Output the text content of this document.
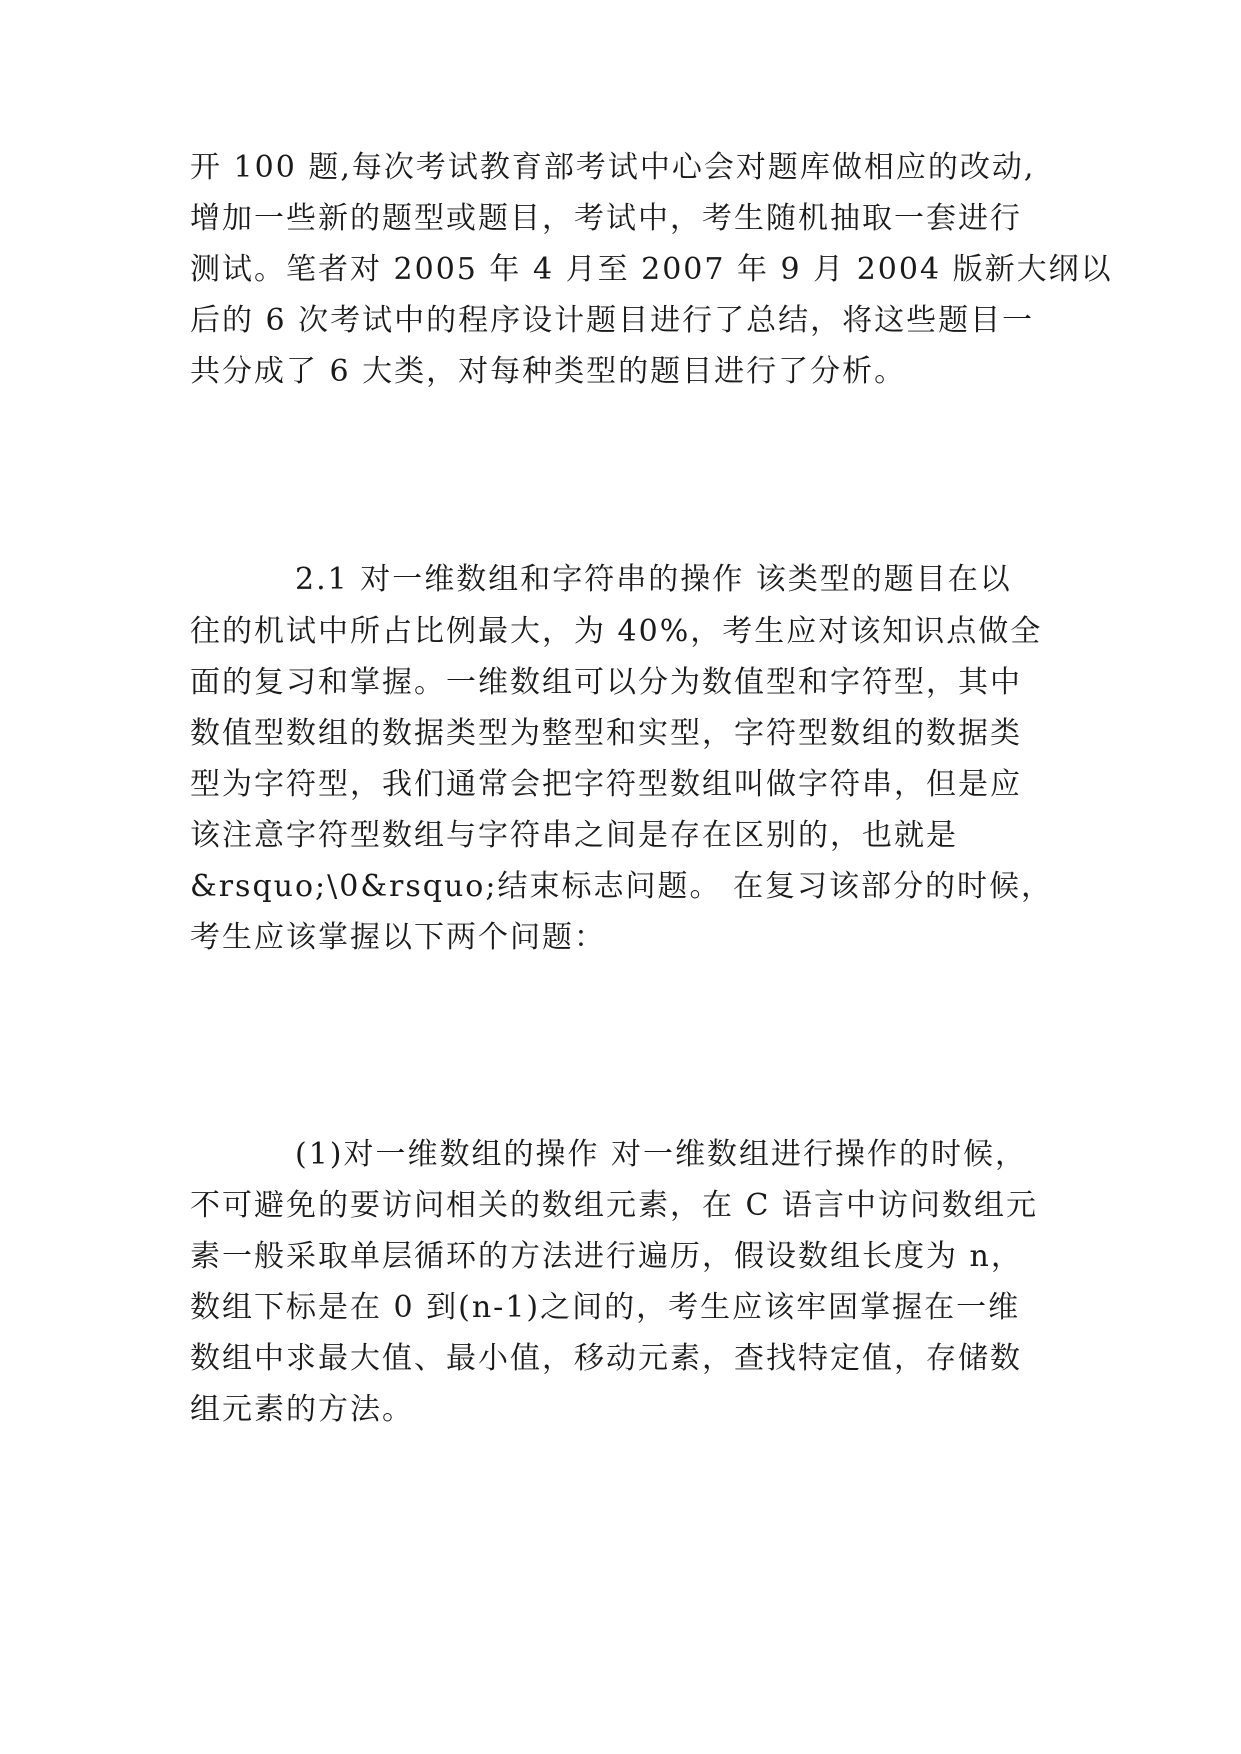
开 100 题,每次考试教育部考试中心会对题库做相应的改动,
增加一些新的题型或题目，考试中，考生随机抽取一套进行
测试。笔者对 2005 年 4 月至 2007 年 9 月 2004 版新大纲以
后的 6 次考试中的程序设计题目进行了总结，将这些题目一
共分成了 6 大类，对每种类型的题目进行了分析。
2.1 对一维数组和字符串的操作 该类型的题目在以
往的机试中所占比例最大，为 40%，考生应对该知识点做全
面的复习和掌握。一维数组可以分为数值型和字符型，其中
数值型数组的数据类型为整型和实型，字符型数组的数据类
型为字符型，我们通常会把字符型数组叫做字符串，但是应
该注意字符型数组与字符串之间是存在区别的，也就是
&rsquo;\0&rsquo;结束标志问题。 在复习该部分的时候，
考生应该掌握以下两个问题：
(1)对一维数组的操作 对一维数组进行操作的时候，
不可避免的要访问相关的数组元素，在 C 语言中访问数组元
素一般采取单层循环的方法进行遍历，假设数组长度为 n，
数组下标是在 0 到(n-1)之间的，考生应该牢固掌握在一维
数组中求最大值、最小值，移动元素，查找特定值，存储数
组元素的方法。
